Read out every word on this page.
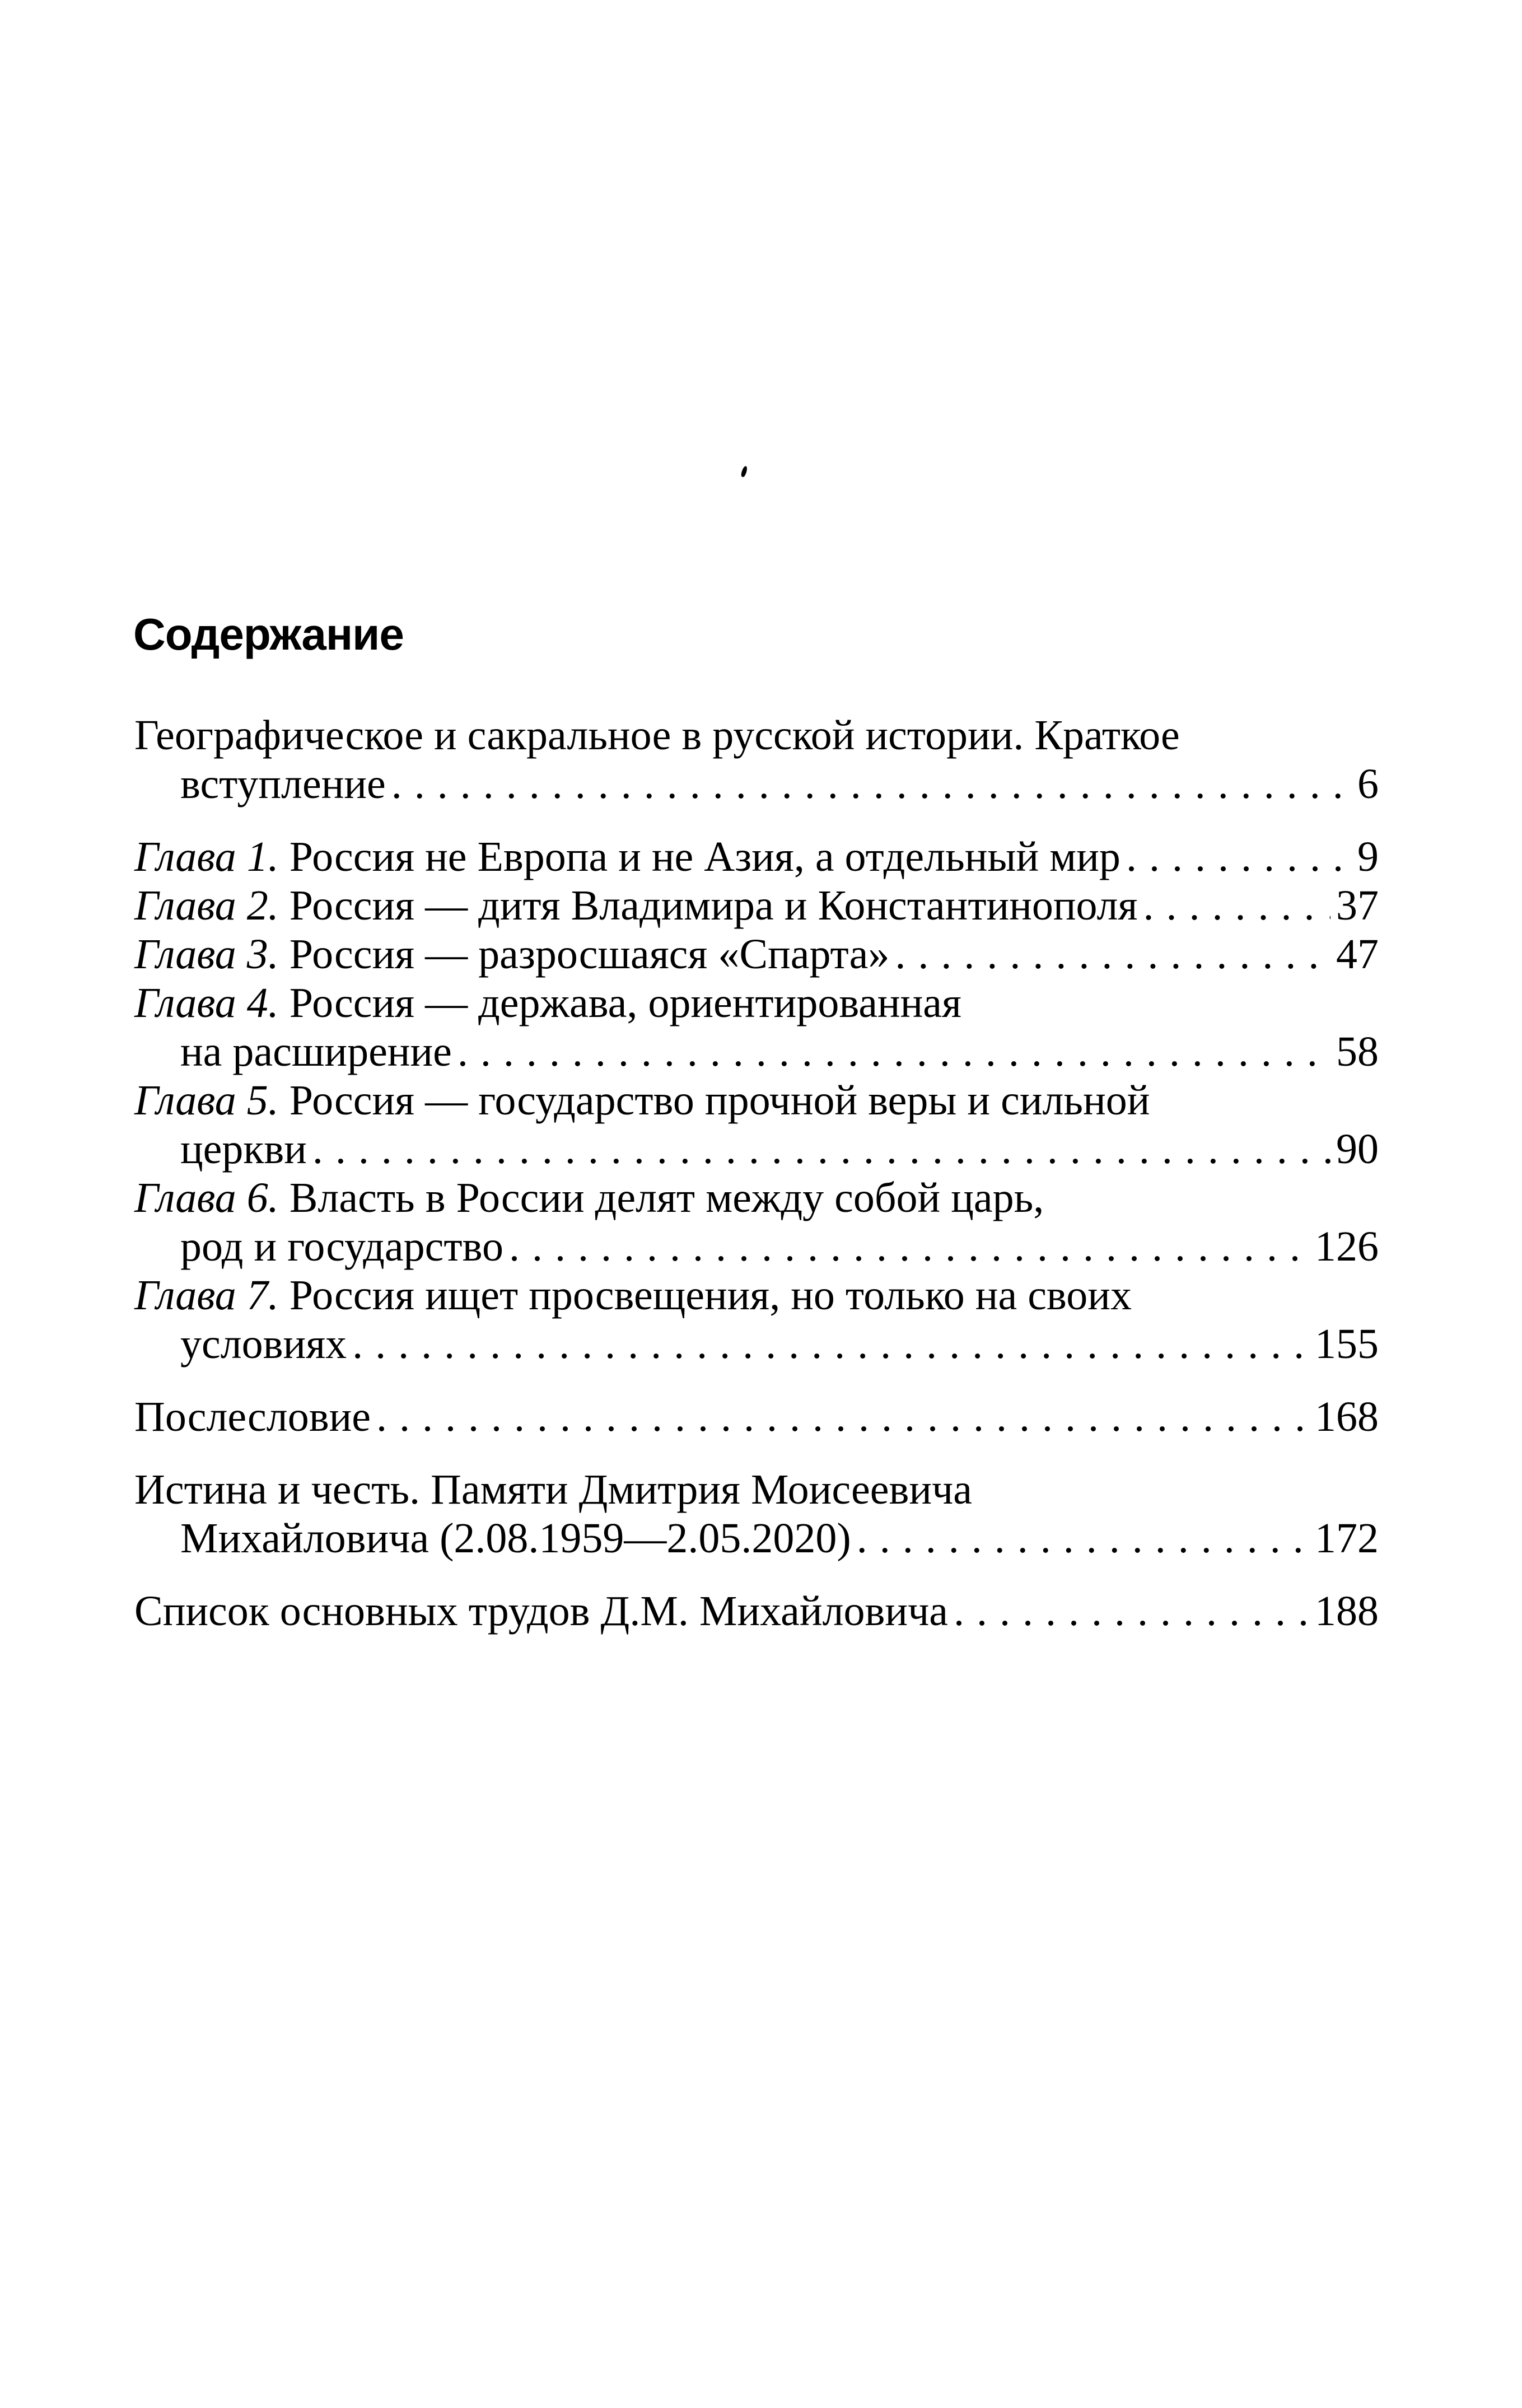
Содержание
Географическое и сакральное в русской истории. Краткое
вступление . . .	6
Глава 1. Россия не Европа и не Азия, а отдельный мир . . .	9
Глава 2. Россия — дитя Владимира и Константинополя . . .	37
Глава 3. Россия — разросшаяся «Спарта» . . .	47
Глава 4. Россия — держава, ориентированная
на расширение . . .	58
Глава 5. Россия — государство прочной веры и сильной
церкви . . .	90
Глава 6. Власть в России делят между собой царь,
род и государство . . .	126
Глава 7. Россия ищет просвещения, но только на своих
условиях . . .	155
Послесловие . . .	168
Истина и честь. Памяти Дмитрия Моисеевича
Михайловича (2.08.1959—2.05.2020) . . .	172
Список основных трудов Д.М. Михайловича . . .	188
